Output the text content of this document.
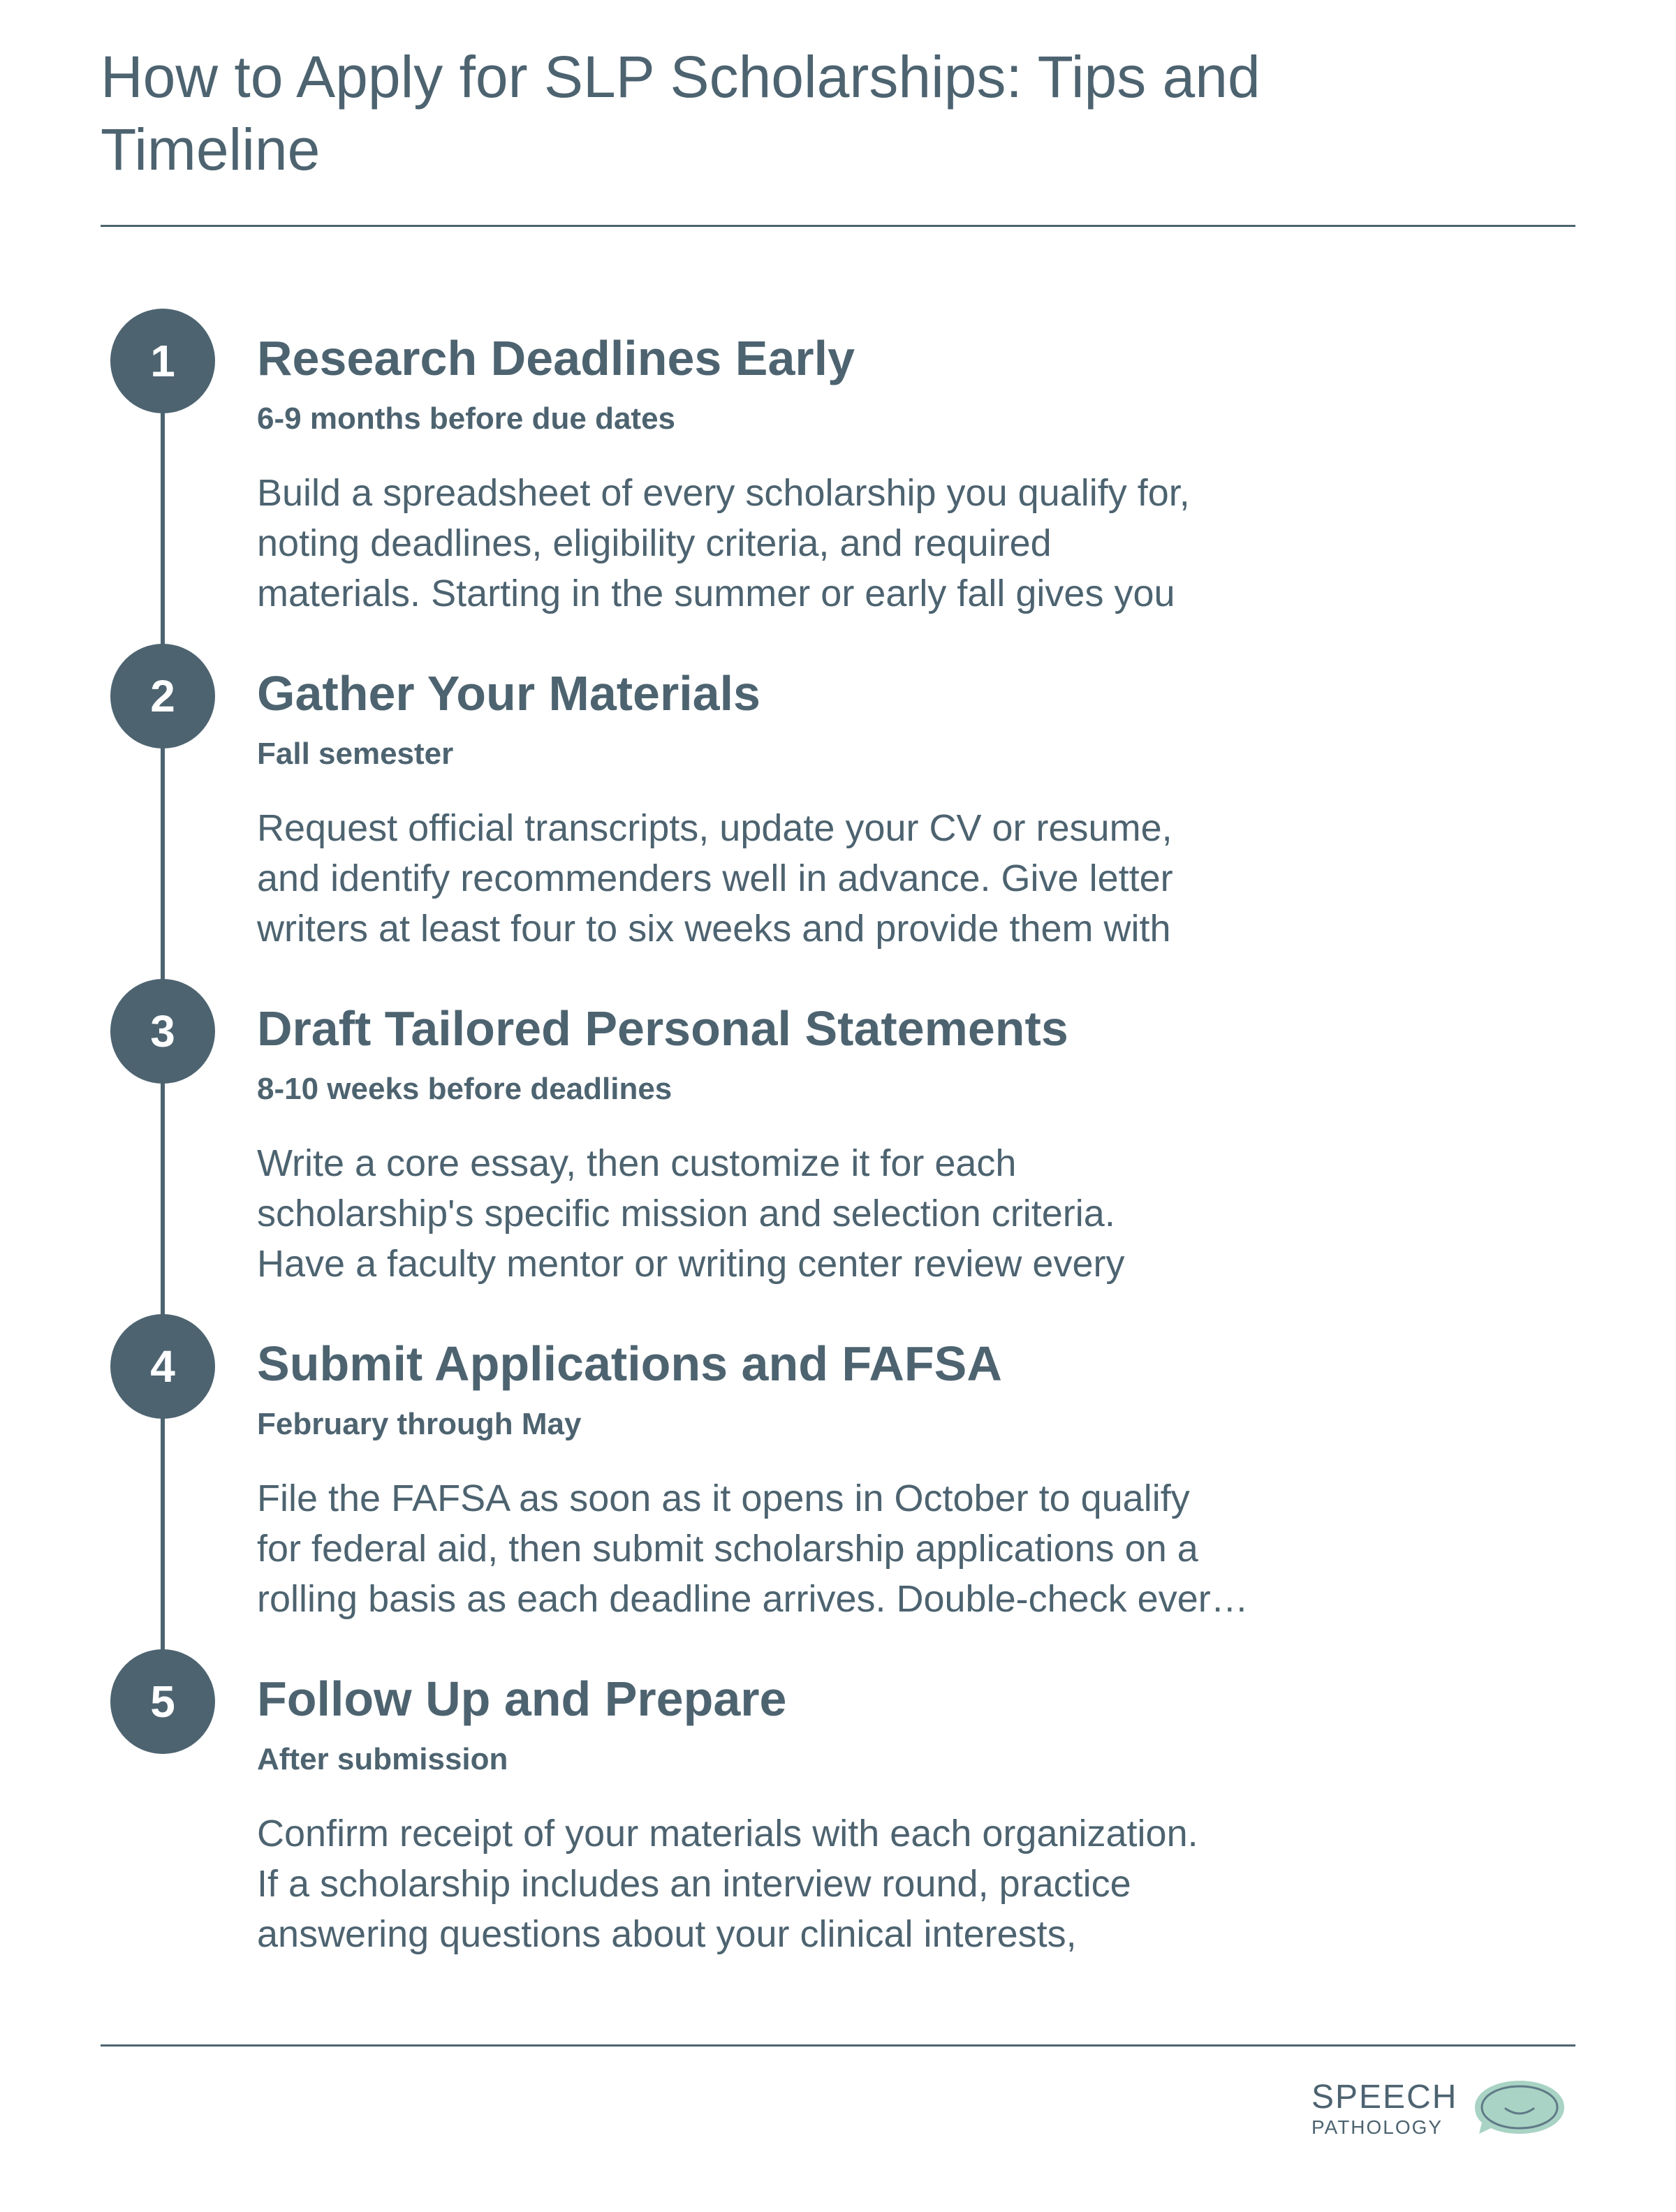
How to Apply for SLP Scholarships: Tips and Timeline
1	Research Deadlines Early
6-9 months before due dates

Build a spreadsheet of every scholarship you qualify for,
noting deadlines, eligibility criteria, and required
materials. Starting in the summer or early fall gives you

2	Gather Your Materials
Fall semester

Request official transcripts, update your CV or resume,
and identify recommenders well in advance. Give letter
writers at least four to six weeks and provide them with

3	Draft Tailored Personal Statements
8-10 weeks before deadlines

Write a core essay, then customize it for each
scholarship's specific mission and selection criteria.
Have a faculty mentor or writing center review every

4	Submit Applications and FAFSA
February through May

File the FAFSA as soon as it opens in October to qualify
for federal aid, then submit scholarship applications on a
rolling basis as each deadline arrives. Double-check ever…

5	Follow Up and Prepare
After submission

Confirm receipt of your materials with each organization.
If a scholarship includes an interview round, practice
answering questions about your clinical interests,

SPEECH
PATHOLOGY
